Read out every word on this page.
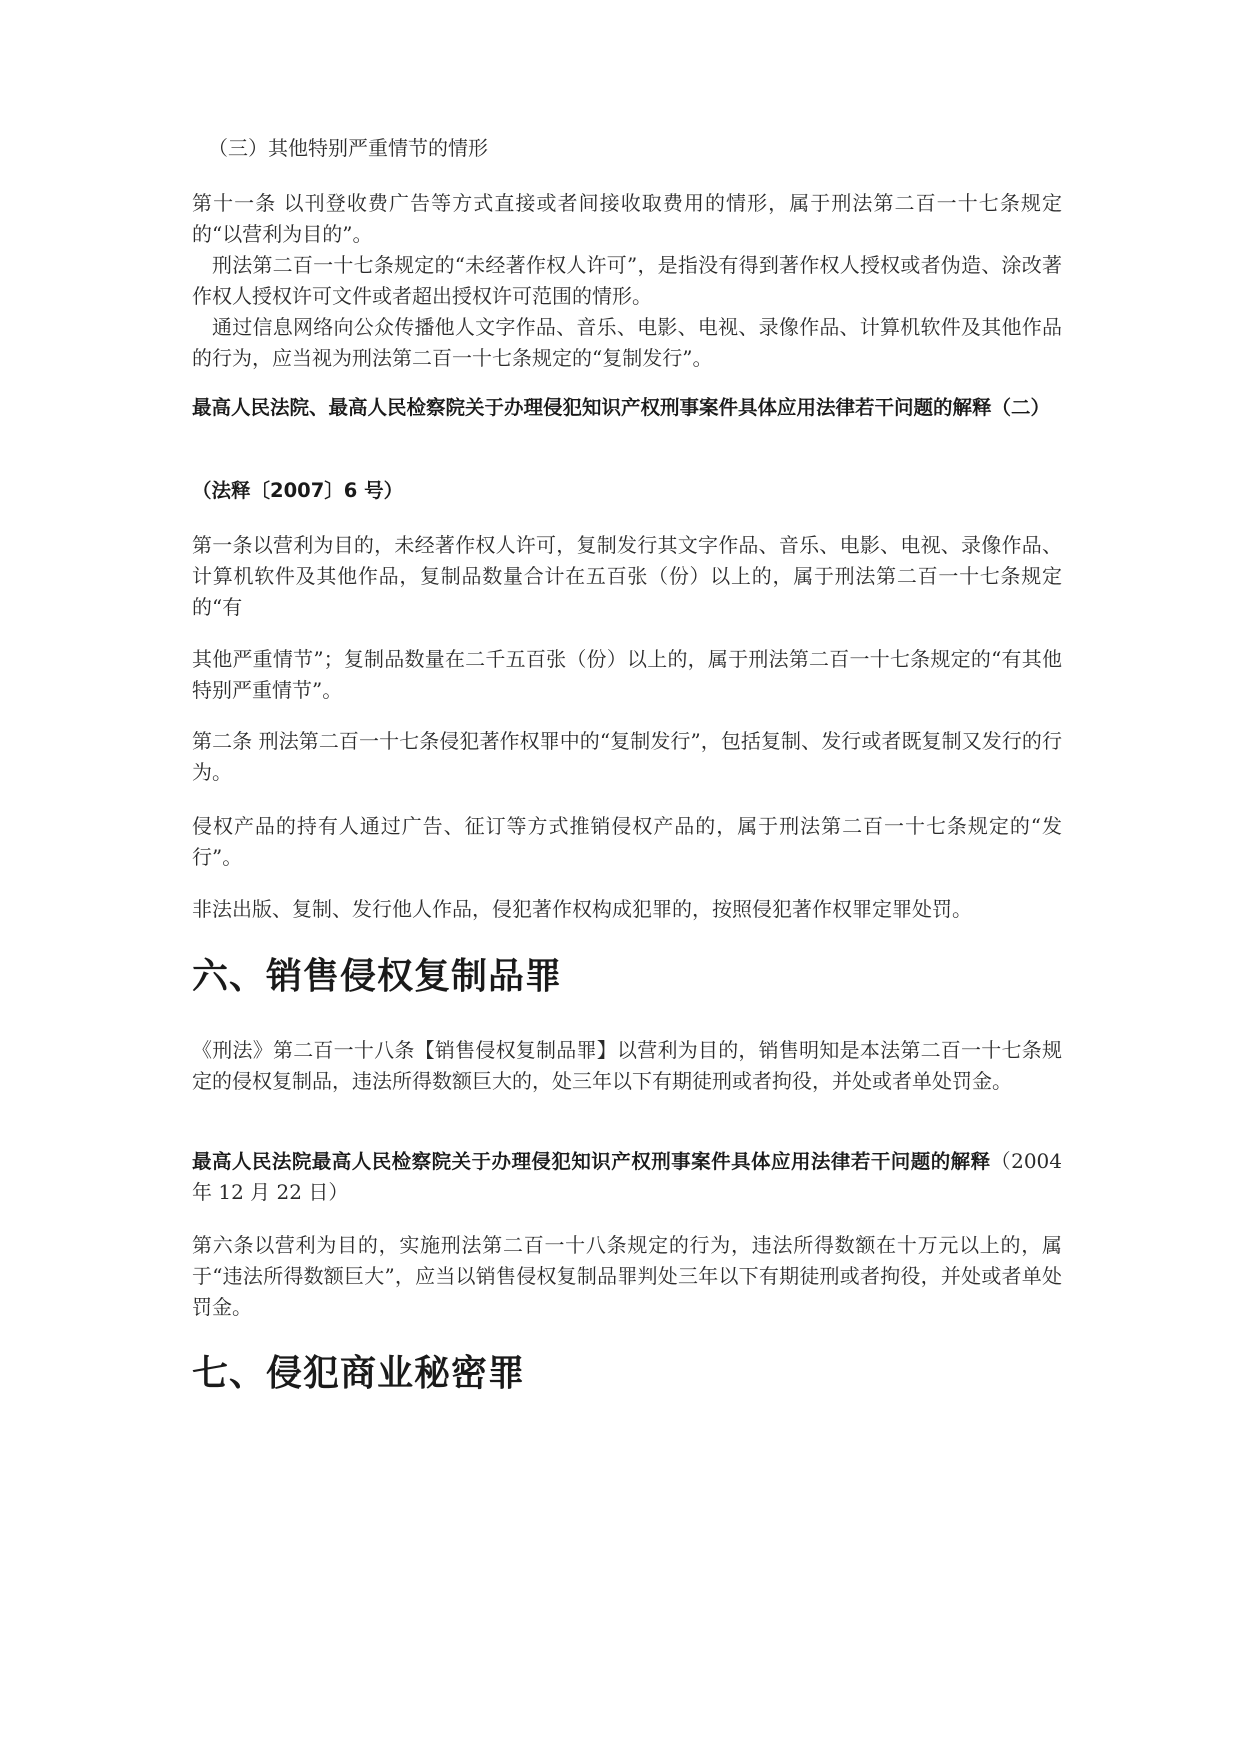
（三）其他特别严重情节的情形

第十一条 以刊登收费广告等方式直接或者间接收取费用的情形，属于刑法第二百一十七条规定的“以营利为目的”。

刑法第二百一十七条规定的“未经著作权人许可”，是指没有得到著作权人授权或者伪造、涂改著作权人授权许可文件或者超出授权许可范围的情形。

通过信息网络向公众传播他人文字作品、音乐、电影、电视、录像作品、计算机软件及其他作品的行为，应当视为刑法第二百一十七条规定的“复制发行”。

最高人民法院、最高人民检察院关于办理侵犯知识产权刑事案件具体应用法律若干问题的解释（二）

（法释〔2007〕6 号）

第一条以营利为目的，未经著作权人许可，复制发行其文字作品、音乐、电影、电视、录像作品、计算机软件及其他作品，复制品数量合计在五百张（份）以上的，属于刑法第二百一十七条规定的“有

其他严重情节”；复制品数量在二千五百张（份）以上的，属于刑法第二百一十七条规定的“有其他特别严重情节”。

第二条 刑法第二百一十七条侵犯著作权罪中的“复制发行”，包括复制、发行或者既复制又发行的行为。

侵权产品的持有人通过广告、征订等方式推销侵权产品的，属于刑法第二百一十七条规定的“发行”。

非法出版、复制、发行他人作品，侵犯著作权构成犯罪的，按照侵犯著作权罪定罪处罚。

六、销售侵权复制品罪

《刑法》第二百一十八条【销售侵权复制品罪】以营利为目的，销售明知是本法第二百一十七条规定的侵权复制品，违法所得数额巨大的，处三年以下有期徒刑或者拘役，并处或者单处罚金。

最高人民法院最高人民检察院关于办理侵犯知识产权刑事案件具体应用法律若干问题的解释（2004 年 12 月 22 日）

第六条以营利为目的，实施刑法第二百一十八条规定的行为，违法所得数额在十万元以上的，属于“违法所得数额巨大”，应当以销售侵权复制品罪判处三年以下有期徒刑或者拘役，并处或者单处罚金。

七、侵犯商业秘密罪
